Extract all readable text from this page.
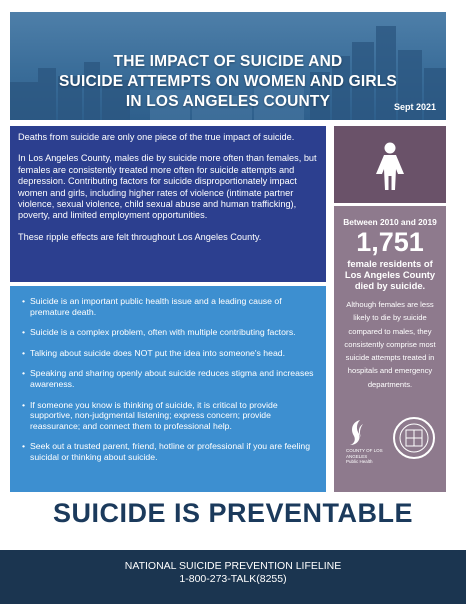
THE IMPACT OF SUICIDE AND
SUICIDE ATTEMPTS ON WOMEN AND GIRLS
IN LOS ANGELES COUNTY	Sept 2021

Deaths from suicide are only one piece of the true impact of suicide.

In Los Angeles County, males die by suicide more often than females, but females are consistently treated more often for suicide attempts and depression. Contributing factors for suicide disproportionately impact women and girls, including higher rates of violence (intimate partner violence, sexual violence, child sexual abuse and human trafficking), poverty, and limited employment opportunities.

These ripple effects are felt throughout Los Angeles County.

• Suicide is an important public health issue and a leading cause of premature death.
• Suicide is a complex problem, often with multiple contributing factors.
• Talking about suicide does NOT put the idea into someone's head.
• Speaking and sharing openly about suicide reduces stigma and increases awareness.
• If someone you know is thinking of suicide, it is critical to provide supportive, non-judgmental listening; express concern; provide reassurance; and connect them to professional help.
• Seek out a trusted parent, friend, hotline or professional if you are feeling suicidal or thinking about suicide.
Between 2010 and 2019
1,751
female residents of Los Angeles County died by suicide.
Although females are less likely to die by suicide compared to males, they consistently comprise most suicide attempts treated in hospitals and emergency departments.
COUNTY OF LOS ANGELES
Public Health
SUICIDE IS PREVENTABLE
NATIONAL SUICIDE PREVENTION LIFELINE
1-800-273-TALK(8255)
